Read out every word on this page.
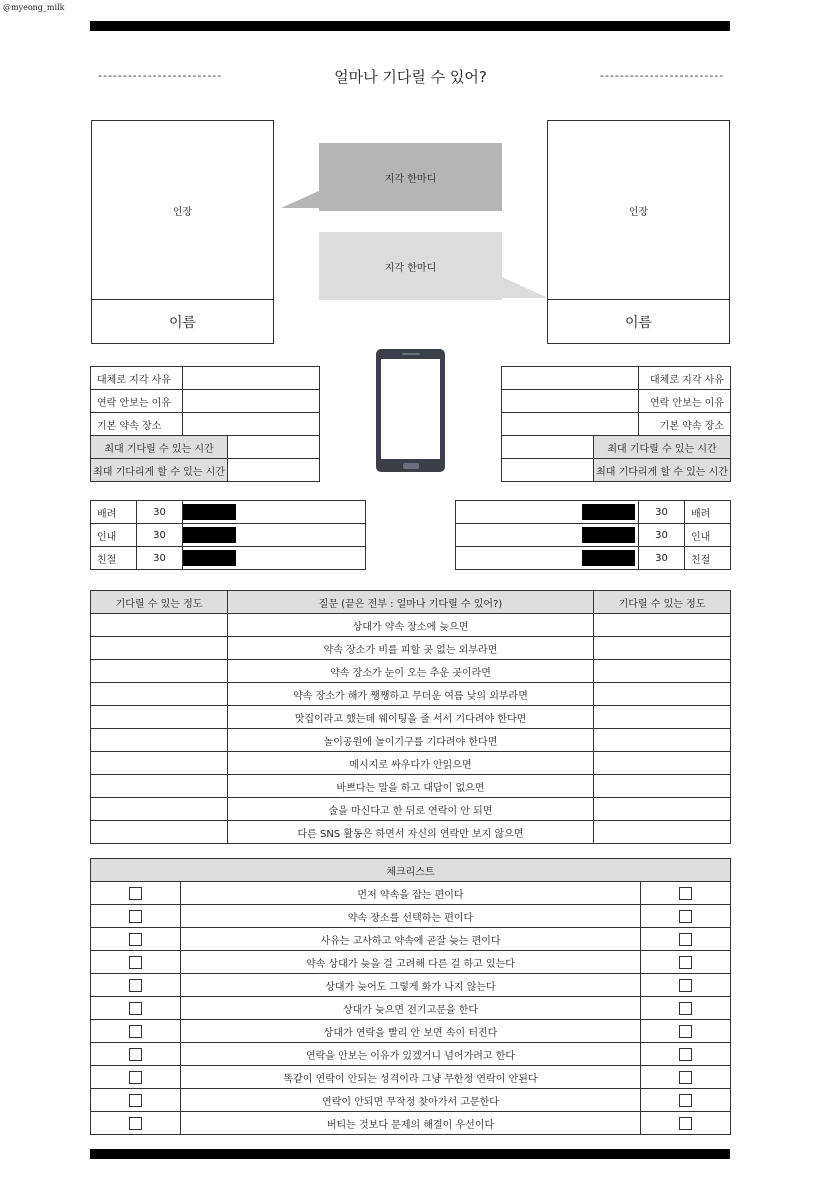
@myeong_milk
-------------------------	-------------------------
얼마나 기다릴 수 있어?
인장
이름
인장
이름
지각 한마디
지각 한마디
대체로 지각 사유		
연락 안보는 이유		
기본 약속 장소		
최대 기다릴 수 있는 시간		
최대 기다리게 할 수 있는 시간		
		대체로 지각 사유
		연락 안보는 이유
		기본 약속 장소
	최대 기다릴 수 있는 시간	
	최대 기다리게 할 수 있는 시간	
배려	30	

인내	30	

친절	30	
	30	배려

	30	인내

	30	친절
기다릴 수 있는 정도	질문 (끝은 전부 : 얼마나 기다릴 수 있어?)	기다릴 수 있는 정도
	상대가 약속 장소에 늦으면	
	약속 장소가 비를 피할 곳 없는 외부라면	
	약속 장소가 눈이 오는 추운 곳이라면	
	약속 장소가 해가 쨍쨍하고 무더운 여름 낮의 외부라면	
	맛집이라고 했는데 웨이팅을 줄 서서 기다려야 한다면	
	놀이공원에 놀이기구를 기다려야 한다면	
	메시지로 싸우다가 안읽으면	
	바쁘다는 말을 하고 대답이 없으면	
	술을 마신다고 한 뒤로 연락이 안 되면	
	다른 SNS 활동은 하면서 자신의 연락만 보지 않으면	
체크리스트		
	먼저 약속을 잡는 편이다	
	약속 장소를 선택하는 편이다	
	사유는 고사하고 약속에 곧잘 늦는 편이다	
	약속 상대가 늦을 걸 고려해 다른 걸 하고 있는다	
	상대가 늦어도 그렇게 화가 나지 않는다	
	상대가 늦으면 전기고문을 한다	
	상대가 연락을 빨리 안 보면 속이 터진다	
	연락을 안보는 이유가 있겠거니 넘어가려고 한다	
	똑같이 연락이 안되는 성격이라 그냥 무한정 연락이 안된다	
	연락이 안되면 무작정 찾아가서 고문한다	
	버티는 것보다 문제의 해결이 우선이다	
